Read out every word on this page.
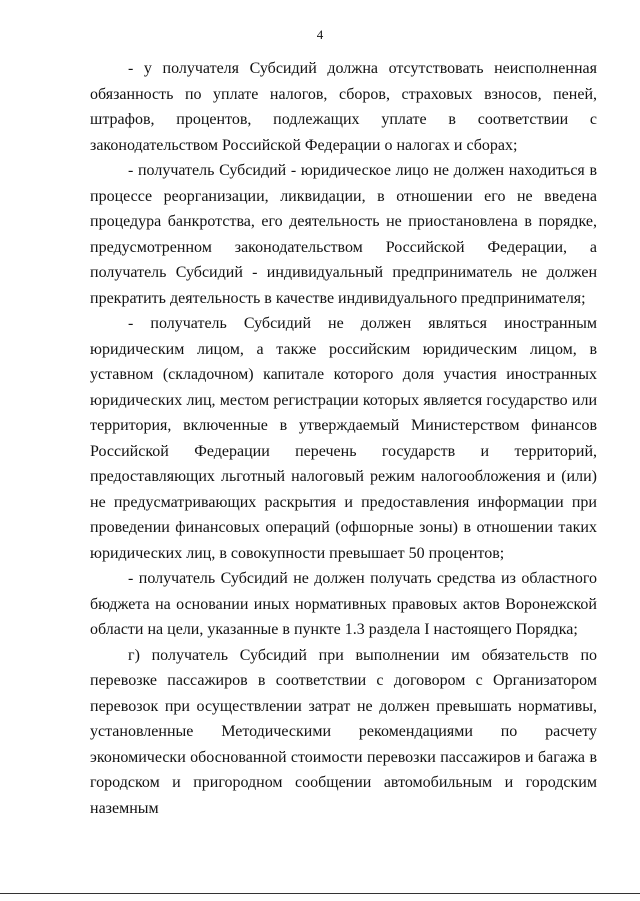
4

- у получателя Субсидий должна отсутствовать неисполненная обязанность по уплате налогов, сборов, страховых взносов, пеней, штрафов, процентов, подлежащих уплате в соответствии с законодательством Российской Федерации о налогах и сборах;

- получатель Субсидий - юридическое лицо не должен находиться в процессе реорганизации, ликвидации, в отношении его не введена процедура банкротства, его деятельность не приостановлена в порядке, предусмотренном законодательством Российской Федерации, а получатель Субсидий - индивидуальный предприниматель не должен прекратить деятельность в качестве индивидуального предпринимателя;

- получатель Субсидий не должен являться иностранным юридическим лицом, а также российским юридическим лицом, в уставном (складочном) капитале которого доля участия иностранных юридических лиц, местом регистрации которых является государство или территория, включенные в утверждаемый Министерством финансов Российской Федерации перечень государств и территорий, предоставляющих льготный налоговый режим налогообложения и (или) не предусматривающих раскрытия и предоставления информации при проведении финансовых операций (офшорные зоны) в отношении таких юридических лиц, в совокупности превышает 50 процентов;

- получатель Субсидий не должен получать средства из областного бюджета на основании иных нормативных правовых актов Воронежской области на цели, указанные в пункте 1.3 раздела I настоящего Порядка;

г) получатель Субсидий при выполнении им обязательств по перевозке пассажиров в соответствии с договором с Организатором перевозок при осуществлении затрат не должен превышать нормативы, установленные Методическими рекомендациями по расчету экономически обоснованной стоимости перевозки пассажиров и багажа в городском и пригородном сообщении автомобильным и городским наземным
